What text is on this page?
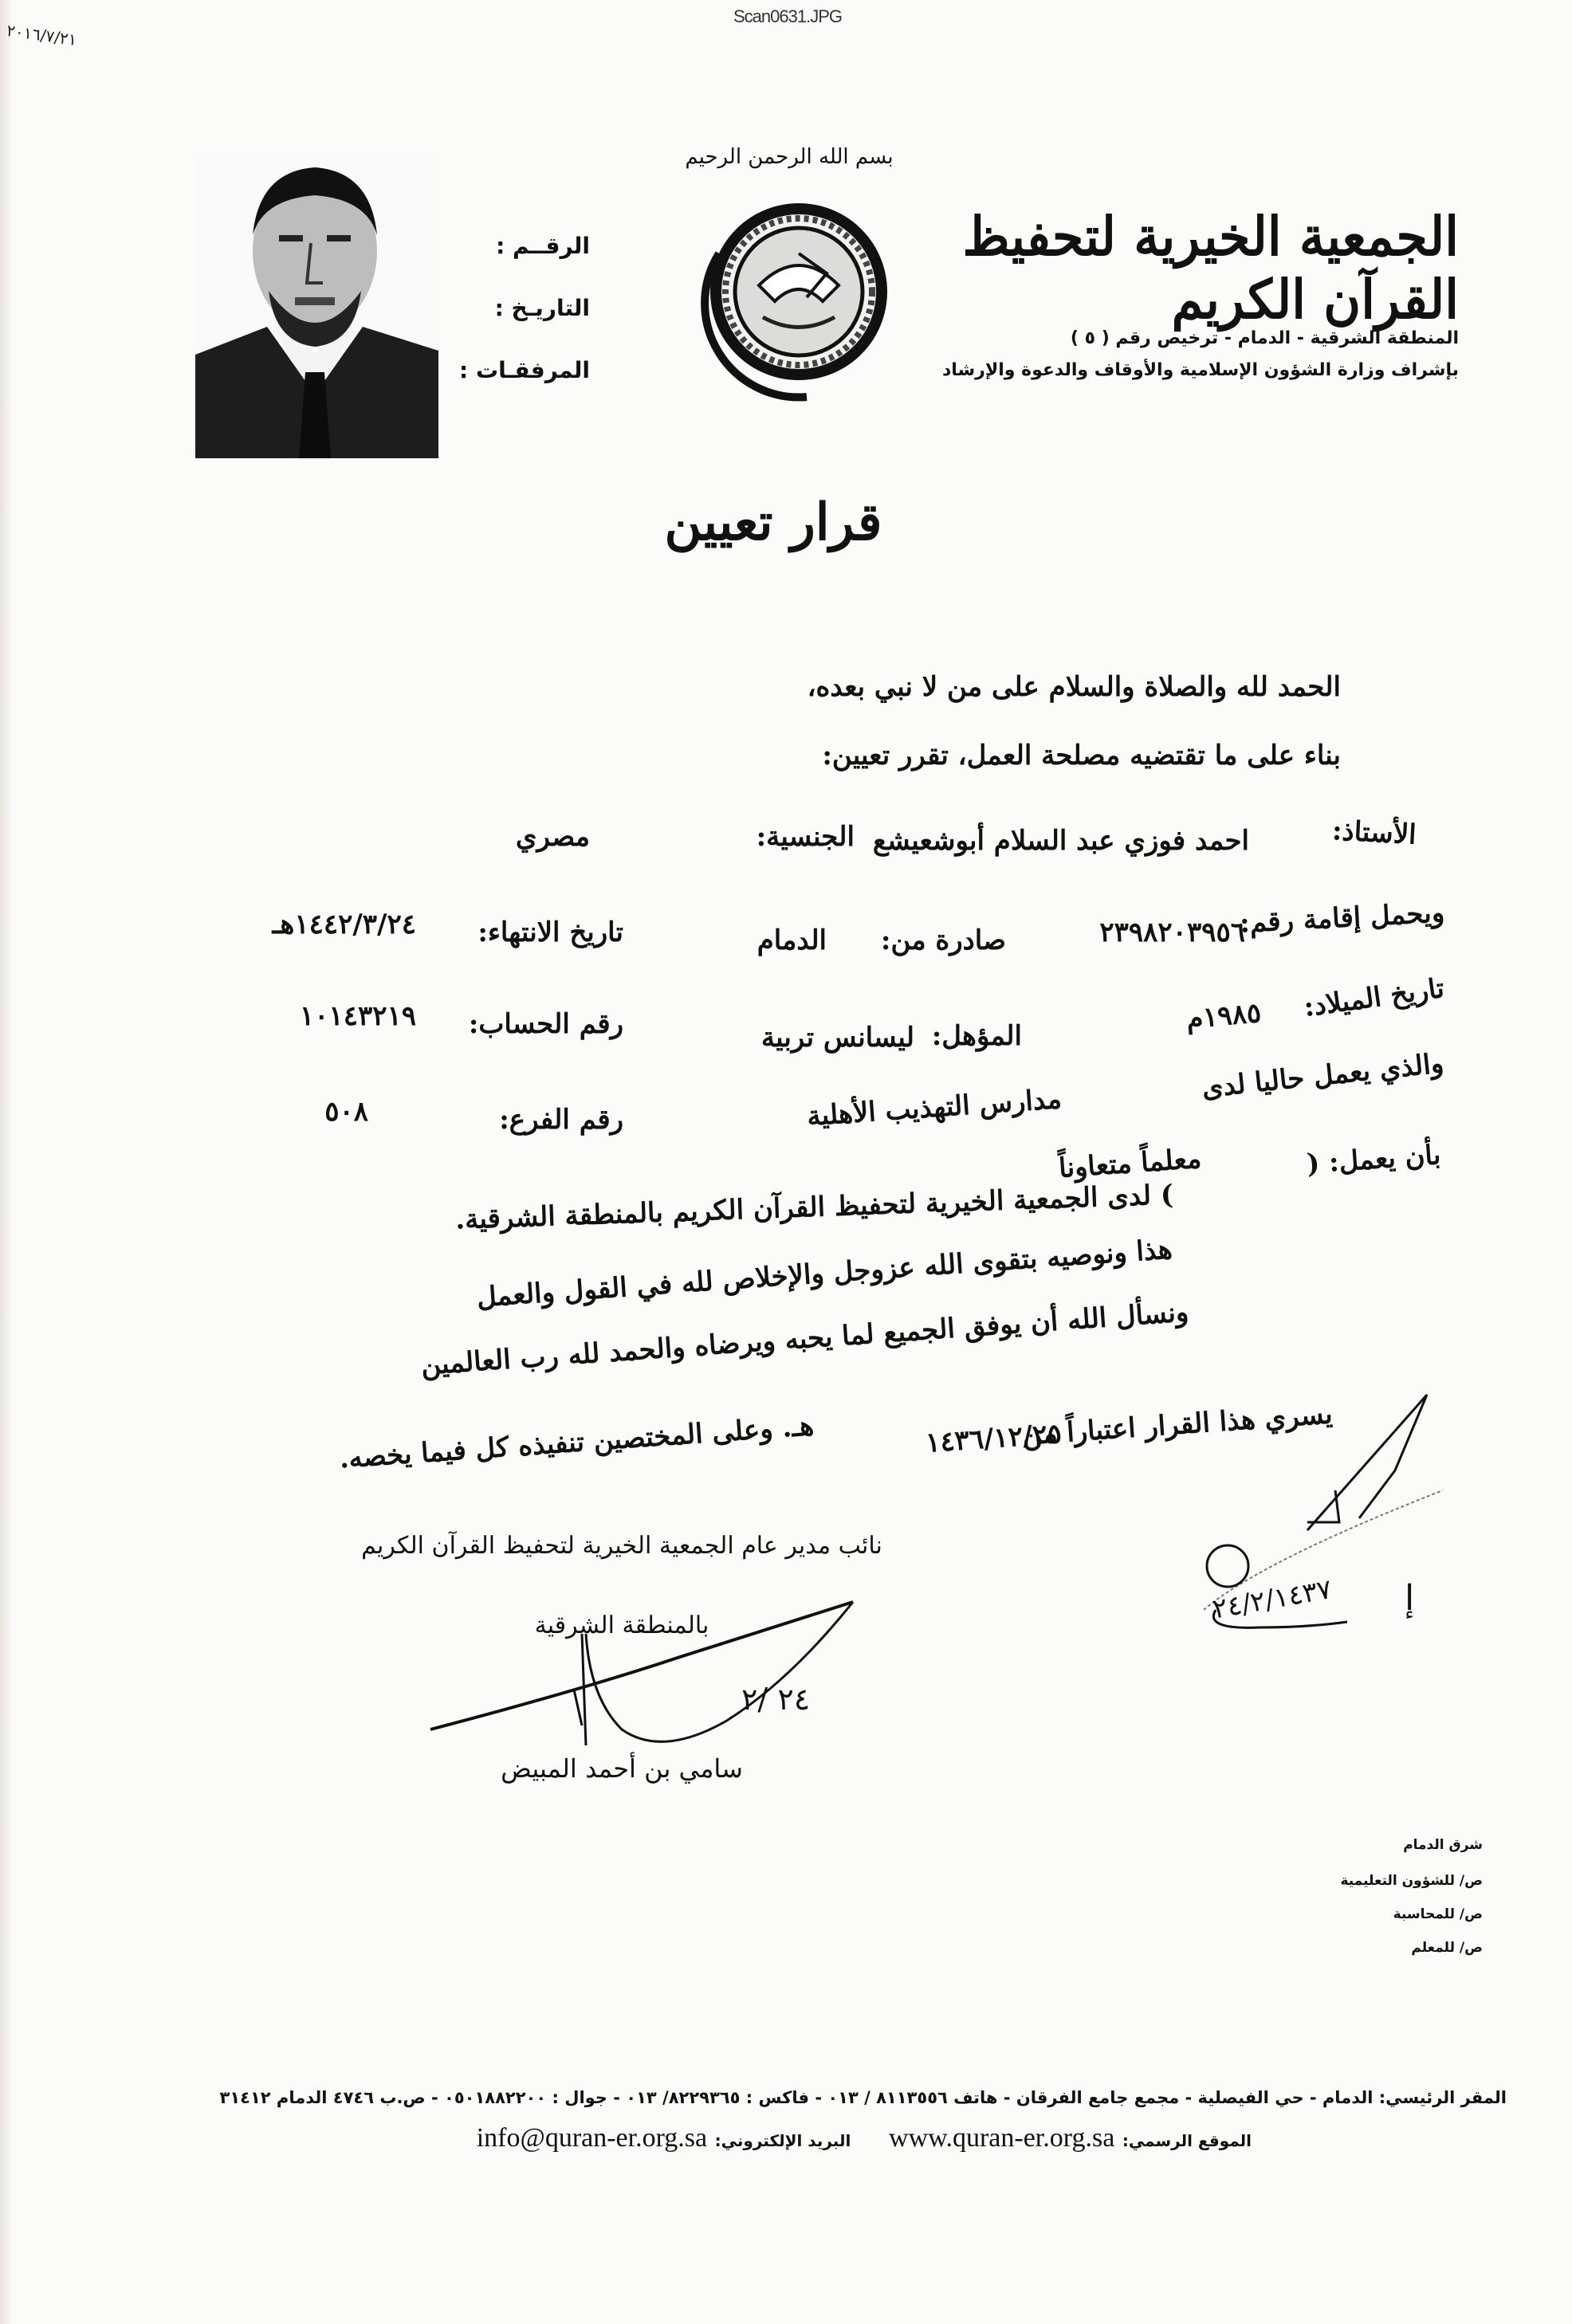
Scan0631.JPG
٢٠١٦/٧/٢١
بسم الله الرحمن الرحيم
الجمعية الخيرية لتحفيظ القرآن الكريم
المنطقة الشرقية - الدمام - ترخيص رقم ( ٥ )
بإشراف وزارة الشؤون الإسلامية والأوقاف والدعوة والإرشاد
الرقــم :
التاريـخ :
المرفقـات :
قرار تعيين
الحمد لله والصلاة والسلام على من لا نبي بعده،
بناء على ما تقتضيه مصلحة العمل، تقرر تعيين:
الأستاذ:
احمد فوزي عبد السلام أبوشعيشع
الجنسية:
مصري
ويحمل إقامة رقم:
٢٣٩٨٢٠٣٩٥٦
صادرة من:
الدمام
تاريخ الانتهاء:
١٤٤٢/٣/٢٤هـ
تاريخ الميلاد:
١٩٨٥م
المؤهل:
ليسانس تربية
رقم الحساب:
١٠١٤٣٢١٩
والذي يعمل حاليا لدى
مدارس التهذيب الأهلية
رقم الفرع:
٥٠٨
بأن يعمل: (
معلماً متعاوناً
) لدى الجمعية الخيرية لتحفيظ القرآن الكريم بالمنطقة الشرقية.
هذا ونوصيه بتقوى الله عزوجل والإخلاص لله في القول والعمل
ونسأل الله أن يوفق الجميع لما يحبه ويرضاه والحمد لله رب العالمين
يسري هذا القرار اعتباراً من
١٤٣٦/١٢/٢٥
هـ. وعلى المختصين تنفيذه كل فيما يخصه.
٢٤/٢/١٤٣٧	إ
نائب مدير عام الجمعية الخيرية لتحفيظ القرآن الكريم
بالمنطقة الشرقية
٢٤ /٢
سامي بن أحمد المبيض
شرق الدمام
ص/ للشؤون التعليمية
ص/ للمحاسبة
ص/ للمعلم
المقر الرئيسي: الدمام - حي الفيصلية - مجمع جامع الفرقان - هاتف ٨١١٣٥٥٦ / ٠١٣ - فاكس : ٨٢٢٩٣٦٥/ ٠١٣ - جوال : ٠٥٠١٨٨٢٢٠٠ - ص.ب ٤٧٤٦ الدمام ٣١٤١٢
الموقع الرسمي: www.quran-er.org.sa     البريد الإلكتروني: info@quran-er.org.sa
